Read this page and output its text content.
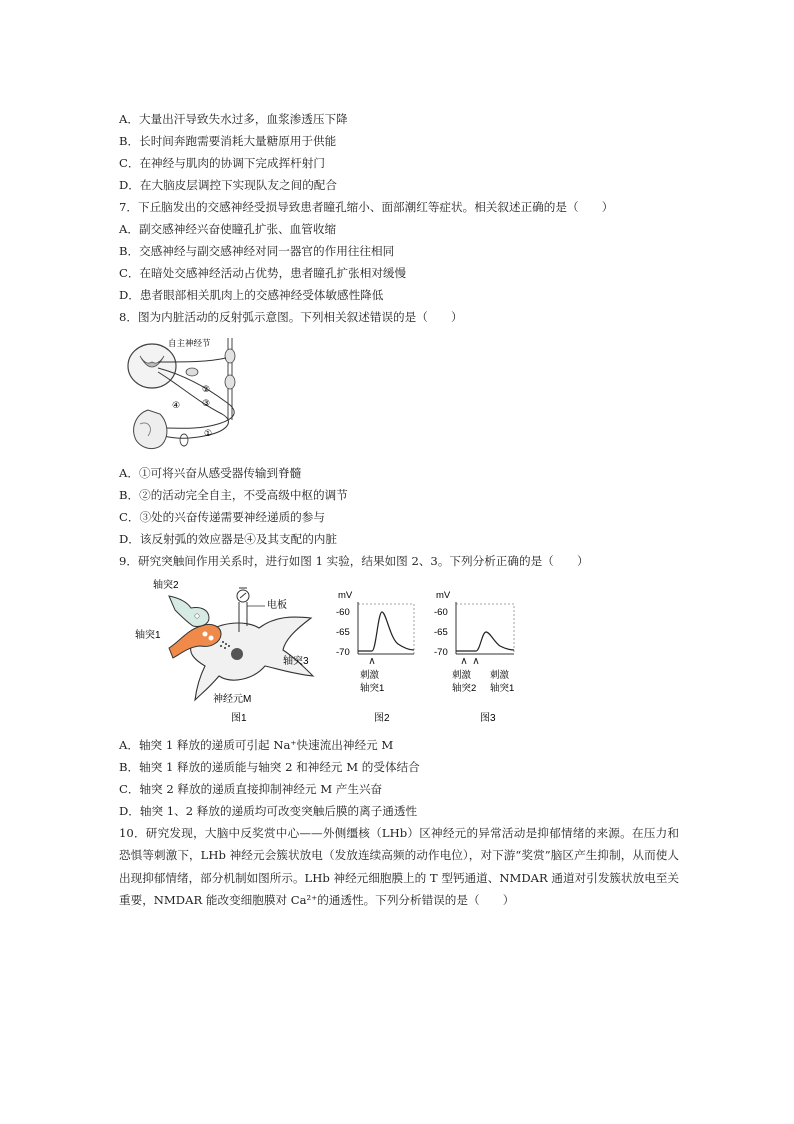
A．大量出汗导致失水过多，血浆渗透压下降
B．长时间奔跑需要消耗大量糖原用于供能
C．在神经与肌肉的协调下完成挥杆射门
D．在大脑皮层调控下实现队友之间的配合
7．下丘脑发出的交感神经受损导致患者瞳孔缩小、面部潮红等症状。相关叙述正确的是（　　）
A．副交感神经兴奋使瞳孔扩张、血管收缩
B．交感神经与副交感神经对同一器官的作用往往相同
C．在暗处交感神经活动占优势，患者瞳孔扩张相对缓慢
D．患者眼部相关肌肉上的交感神经受体敏感性降低
8．图为内脏活动的反射弧示意图。下列相关叙述错误的是（　　）
自主神经节
②
③
④
①
A．①可将兴奋从感受器传输到脊髓
B．②的活动完全自主，不受高级中枢的调节
C．③处的兴奋传递需要神经递质的参与
D．该反射弧的效应器是④及其支配的内脏
9．研究突触间作用关系时，进行如图 1 实验，结果如图 2、3。下列分析正确的是（　　）
轴突2
轴突1
电板
轴突3
神经元M
图1
mV
-60
-65
-70
刺激
轴突1
图2
mV
-60
-65
-70
刺激
轴突2
刺激
轴突1
图3
A．轴突 1 释放的递质可引起 Na⁺快速流出神经元 M
B．轴突 1 释放的递质能与轴突 2 和神经元 M 的受体结合
C．轴突 2 释放的递质直接抑制神经元 M 产生兴奋
D．轴突 1、2 释放的递质均可改变突触后膜的离子通透性
10．研究发现，大脑中反奖赏中心——外侧缰核（LHb）区神经元的异常活动是抑郁情绪的来源。在压力和恐惧等刺激下，LHb 神经元会簇状放电（发放连续高频的动作电位），对下游“奖赏”脑区产生抑制，从而使人出现抑郁情绪，部分机制如图所示。LHb 神经元细胞膜上的 T 型钙通道、NMDAR 通道对引发簇状放电至关重要，NMDAR 能改变细胞膜对 Ca²⁺的通透性。下列分析错误的是（　　）
